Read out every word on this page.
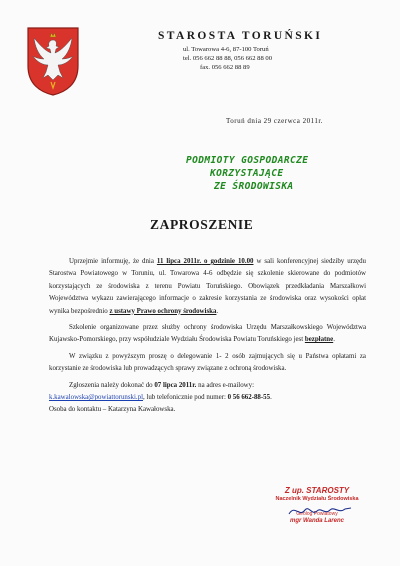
STAROSTA TORUŃSKI
ul. Towarowa 4-6, 87-100 Toruń
tel. 056 662 88 88, 056 662 88 00
fax. 056 662 88 89
Toruń dnia 29 czerwca 2011r.
PODMIOTY GOSPODARCZE
KORZYSTAJĄCE
ZE ŚRODOWISKA
ZAPROSZENIE

Uprzejmie informuję, że dnia 11 lipca 2011r. o godzinie 10.00 w sali konferencyjnej siedziby urzędu Starostwa Powiatowego w Toruniu, ul. Towarowa 4-6 odbędzie się szkolenie skierowane do podmiotów korzystających ze środowiska z terenu Powiatu Toruńskiego. Obowiązek przedkładania Marszałkowi Województwa wykazu zawierającego informacje o zakresie korzystania ze środowiska oraz wysokości opłat wynika bezpośrednio z ustawy Prawo ochrony środowiska.

Szkolenie organizowane przez służby ochrony środowiska Urzędu Marszałkowskiego Województwa Kujawsko-Pomorskiego, przy współudziale Wydziału Środowiska Powiatu Toruńskiego jest bezpłatne.

W związku z powyższym proszę o delegowanie 1- 2 osób zajmujących się u Państwa opłatami za korzystanie ze środowiska lub prowadzących sprawy związane z ochroną środowiska.

Zgłoszenia należy dokonać do 07 lipca 2011r. na adres e-mailowy:

k.kawalowska@powiattorunski.pl, lub telefonicznie pod numer: 0 56 662-88-55.

Osoba do kontaktu – Katarzyna Kawałowska.

Z up. STAROSTY
Naczelnik Wydziału Środowiska
Geolog Powiatowy
mgr Wanda Larenc
